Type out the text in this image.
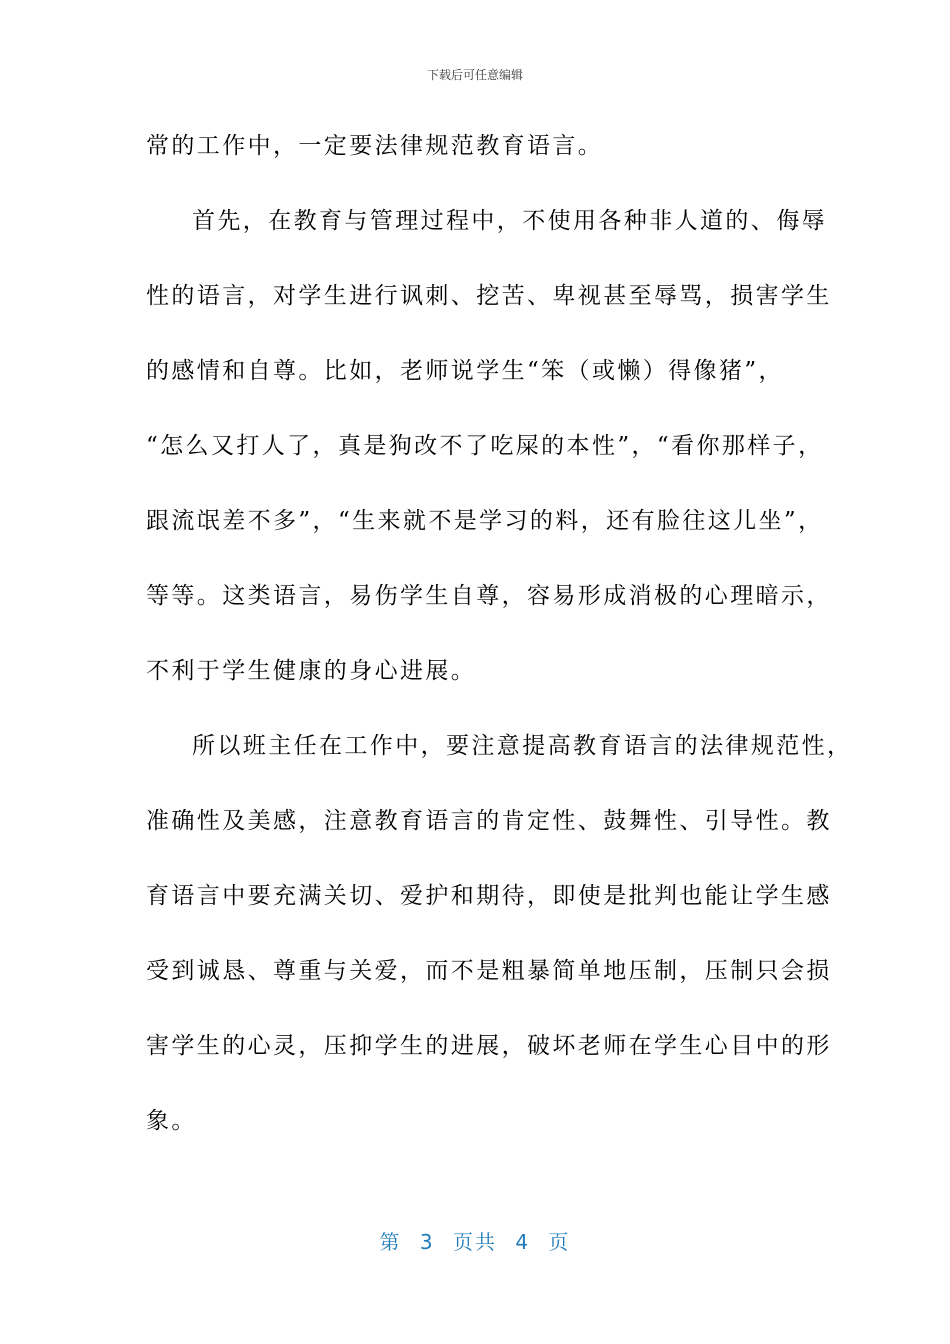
下载后可任意编辑
常的工作中，一定要法律规范教育语言。
首先，在教育与管理过程中，不使用各种非人道的、侮辱
性的语言，对学生进行讽刺、挖苦、卑视甚至辱骂，损害学生
的感情和自尊。比如，老师说学生“笨（或懒）得像猪”，
“怎么又打人了，真是狗改不了吃屎的本性”，“看你那样子，
跟流氓差不多”，“生来就不是学习的料，还有脸往这儿坐”，
等等。这类语言，易伤学生自尊，容易形成消极的心理暗示，
不利于学生健康的身心进展。
所以班主任在工作中，要注意提高教育语言的法律规范性，
准确性及美感，注意教育语言的肯定性、鼓舞性、引导性。教
育语言中要充满关切、爱护和期待，即使是批判也能让学生感
受到诚恳、尊重与关爱，而不是粗暴简单地压制，压制只会损
害学生的心灵，压抑学生的进展，破坏老师在学生心目中的形
象。
第 3 页共 4 页
